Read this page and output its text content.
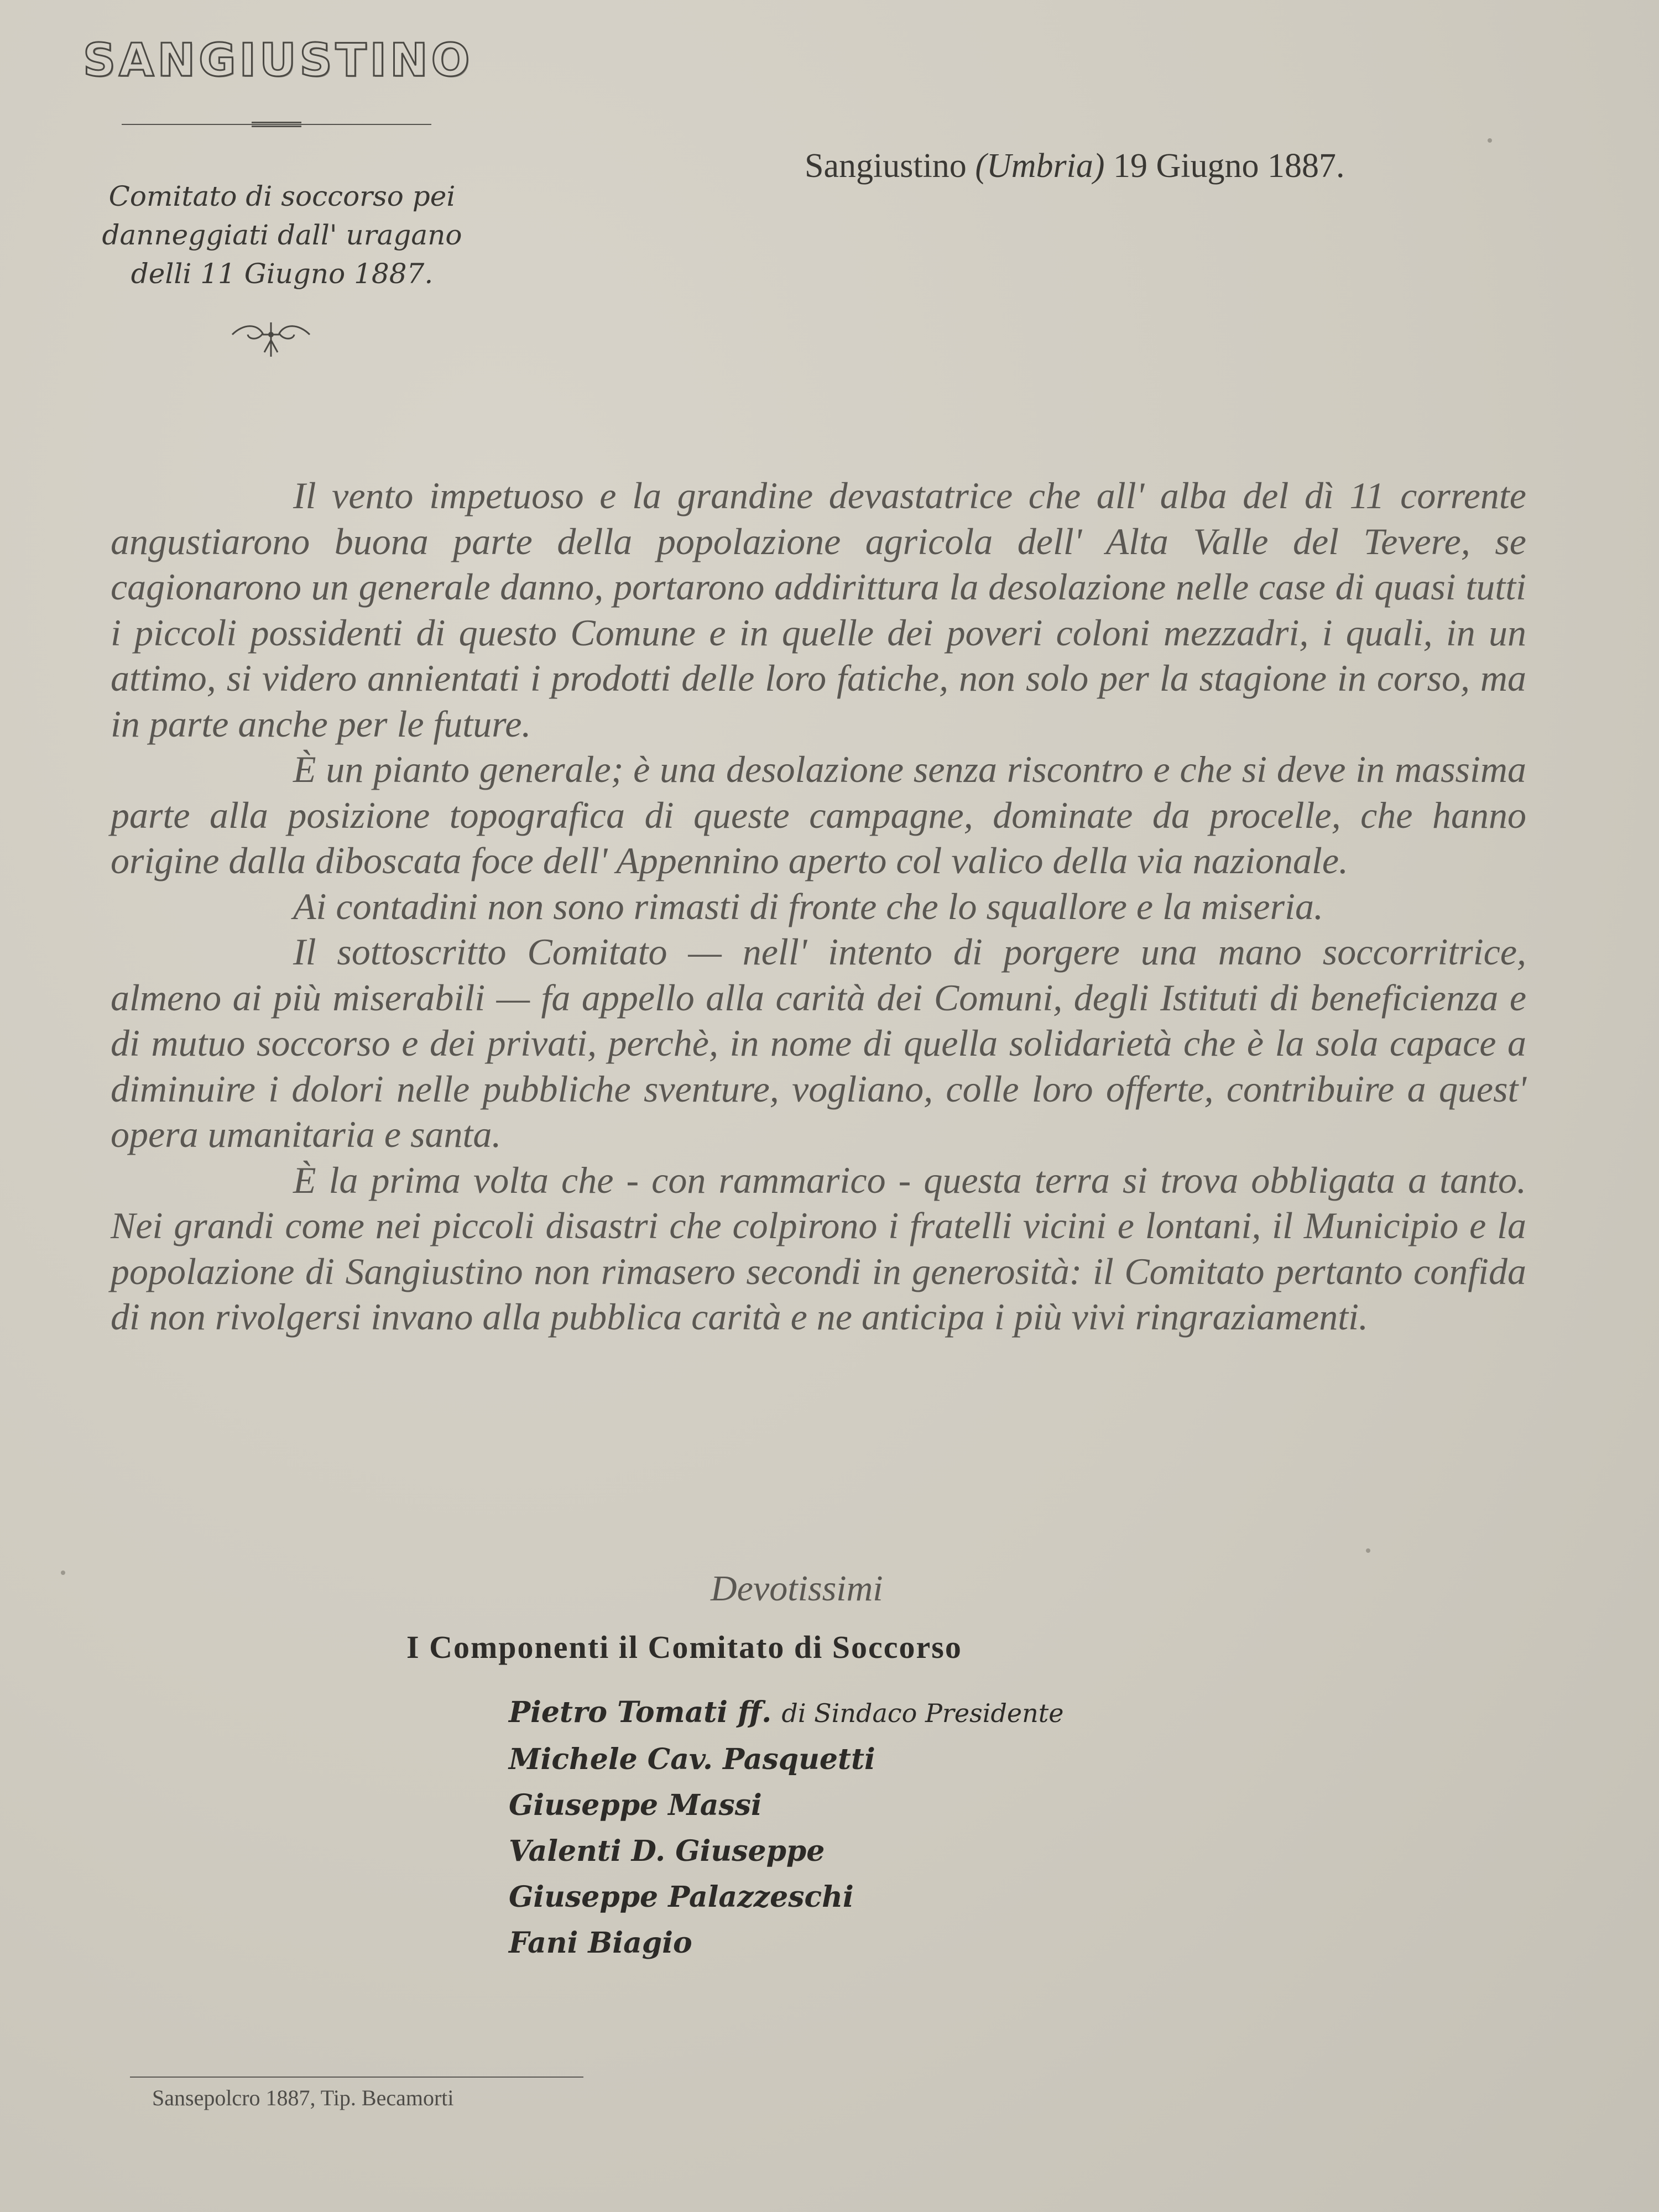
SANGIUSTINO
Comitato di soccorso pei
danneggiati dall' uragano
delli 11 Giugno 1887.
Sangiustino (Umbria) 19 Giugno 1887.

Il vento impetuoso e la grandine devastatrice che all' alba del dì 11 corrente angustiarono buona parte della popolazione agricola dell' Alta Valle del Tevere, se cagionarono un generale danno, portarono addirittura la desolazione nelle case di quasi tutti i piccoli possidenti di questo Comune e in quelle dei poveri coloni mezzadri, i quali, in un attimo, si videro annientati i prodotti delle loro fatiche, non solo per la stagione in corso, ma in parte anche per le future.

È un pianto generale; è una desolazione senza riscontro e che si deve in massima parte alla posizione topografica di queste campagne, dominate da procelle, che hanno origine dalla diboscata foce dell' Appennino aperto col valico della via nazionale.

Ai contadini non sono rimasti di fronte che lo squallore e la miseria.

Il sottoscritto Comitato — nell' intento di porgere una mano soccorritrice, almeno ai più miserabili — fa appello alla carità dei Comuni, degli Istituti di beneficienza e di mutuo soccorso e dei privati, perchè, in nome di quella solidarietà che è la sola capace a diminuire i dolori nelle pubbliche sventure, vogliano, colle loro offerte, contribuire a quest' opera umanitaria e santa.

È la prima volta che - con rammarico - questa terra si trova obbligata a tanto. Nei grandi come nei piccoli disastri che colpirono i fratelli vicini e lontani, il Municipio e la popolazione di Sangiustino non rimasero secondi in generosità: il Comitato pertanto confida di non rivolgersi invano alla pubblica carità e ne anticipa i più vivi ringraziamenti.

Devotissimi
I Componenti il Comitato di Soccorso
Pietro Tomati ff. di Sindaco Presidente
Michele Cav. Pasquetti
Giuseppe Massi
Valenti D. Giuseppe
Giuseppe Palazzeschi
Fani Biagio
Sansepolcro 1887, Tip. Becamorti
